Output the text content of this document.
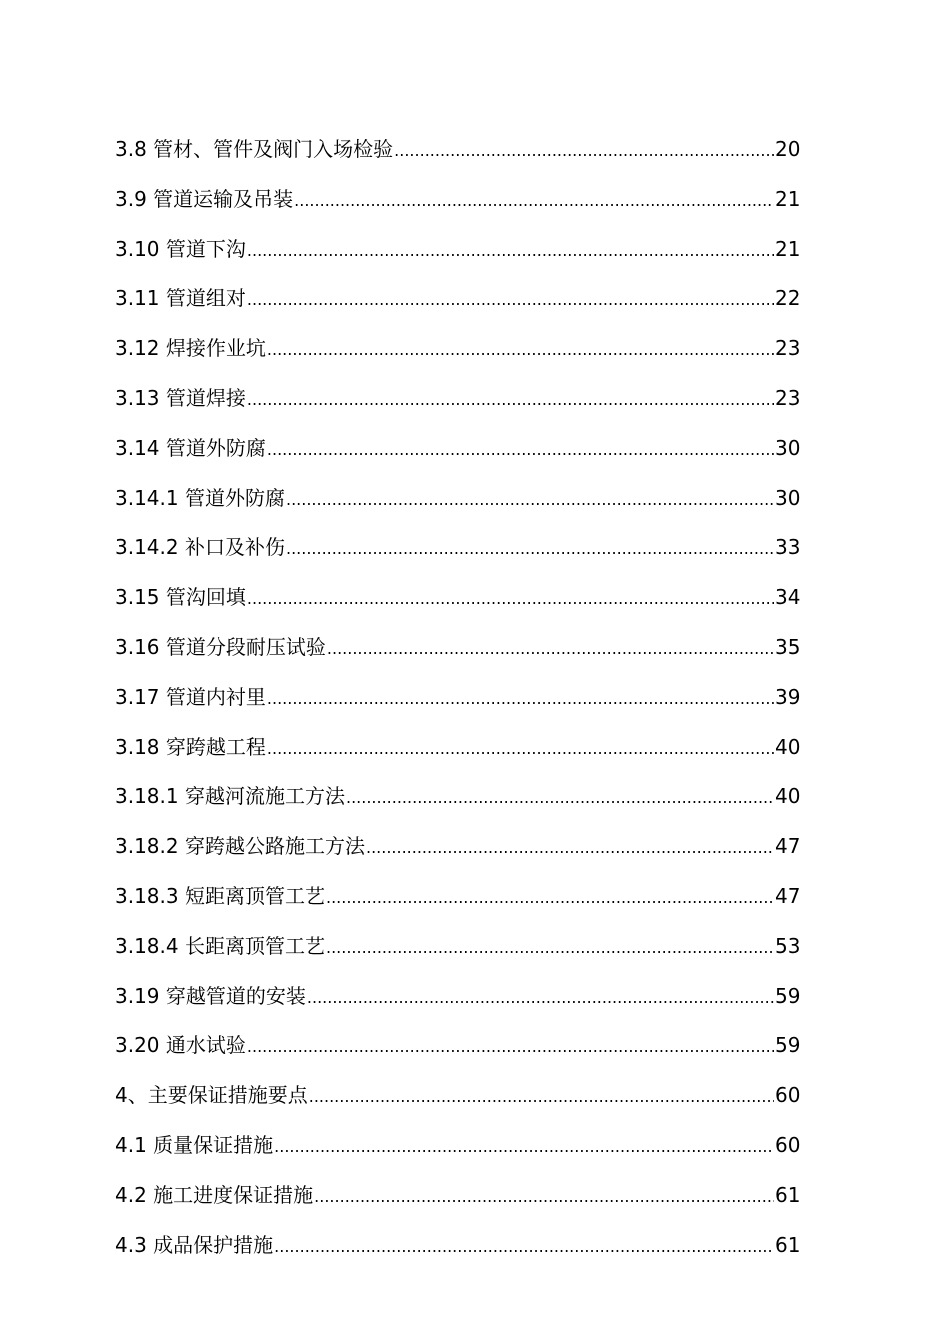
3.8 管材、管件及阀门入场检验 .....	20
3.9 管道运输及吊装 .....	21
3.10 管道下沟 .....	21
3.11 管道组对 .....	22
3.12 焊接作业坑 .....	23
3.13 管道焊接 .....	23
3.14 管道外防腐 .....	30
3.14.1 管道外防腐 .....	30
3.14.2 补口及补伤 .....	33
3.15 管沟回填 .....	34
3.16 管道分段耐压试验 .....	35
3.17 管道内衬里 .....	39
3.18 穿跨越工程 .....	40
3.18.1 穿越河流施工方法 .....	40
3.18.2 穿跨越公路施工方法 .....	47
3.18.3 短距离顶管工艺 .....	47
3.18.4 长距离顶管工艺 .....	53
3.19 穿越管道的安装 .....	59
3.20 通水试验 .....	59
4、主要保证措施要点 .....	60
4.1 质量保证措施 .....	60
4.2 施工进度保证措施 .....	61
4.3 成品保护措施 .....	61
